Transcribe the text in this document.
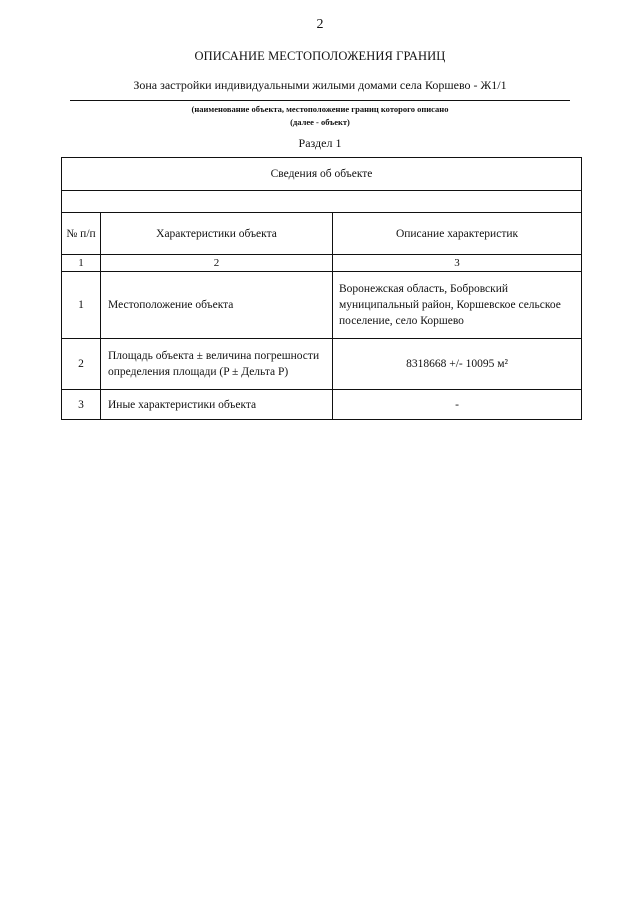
2
ОПИСАНИЕ МЕСТОПОЛОЖЕНИЯ ГРАНИЦ
Зона застройки индивидуальными жилыми домами села Коршево - Ж1/1
(наименование объекта, местоположение границ которого описано
(далее - объект)
Раздел 1
Сведения об объекте		

№ п/п	Характеристики объекта	Описание характеристик
1	2	3
1	Местоположение объекта	Воронежская область, Бобровский муниципальный район, Коршевское сельское поселение, село Коршево
2	Площадь объекта ± величина погрешности определения площади (P ± Дельта P)	8318668 +/- 10095 м²
3	Иные характеристики объекта	-
